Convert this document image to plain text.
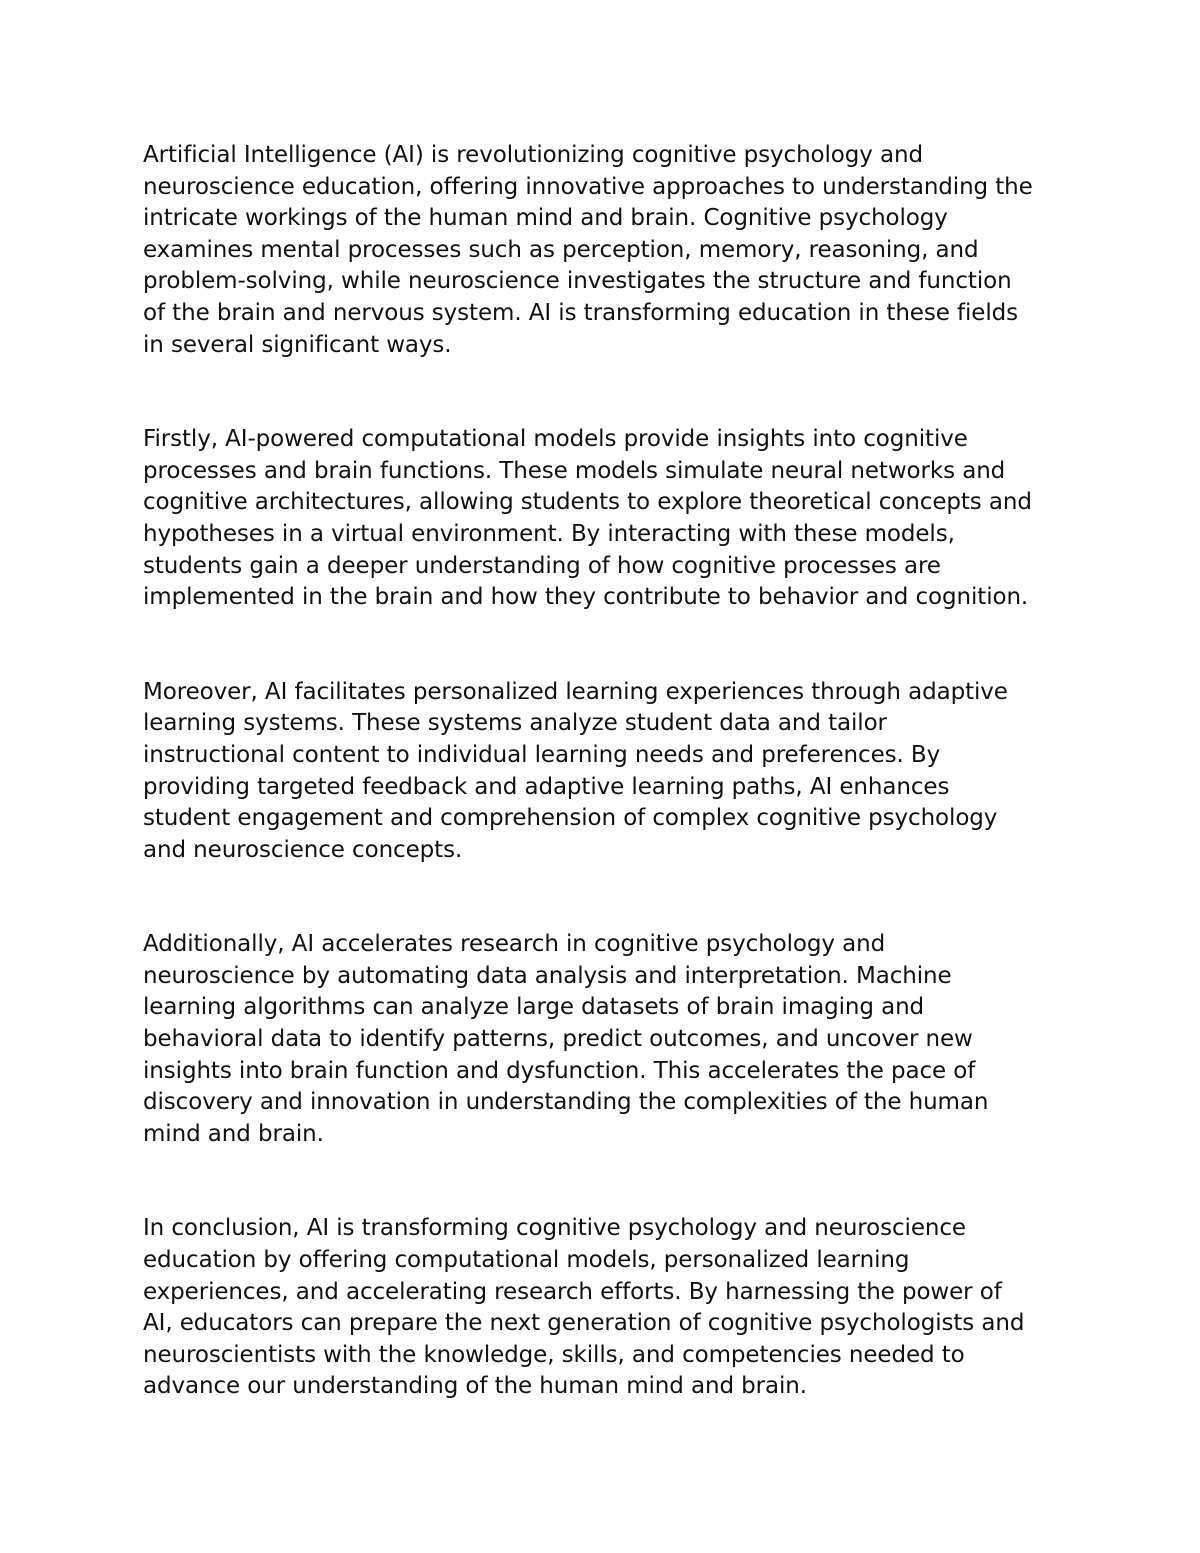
Artificial Intelligence (AI) is revolutionizing cognitive psychology and
neuroscience education, offering innovative approaches to understanding the
intricate workings of the human mind and brain. Cognitive psychology
examines mental processes such as perception, memory, reasoning, and
problem-solving, while neuroscience investigates the structure and function
of the brain and nervous system. AI is transforming education in these fields
in several significant ways.

Firstly, AI-powered computational models provide insights into cognitive
processes and brain functions. These models simulate neural networks and
cognitive architectures, allowing students to explore theoretical concepts and
hypotheses in a virtual environment. By interacting with these models,
students gain a deeper understanding of how cognitive processes are
implemented in the brain and how they contribute to behavior and cognition.

Moreover, AI facilitates personalized learning experiences through adaptive
learning systems. These systems analyze student data and tailor
instructional content to individual learning needs and preferences. By
providing targeted feedback and adaptive learning paths, AI enhances
student engagement and comprehension of complex cognitive psychology
and neuroscience concepts.

Additionally, AI accelerates research in cognitive psychology and
neuroscience by automating data analysis and interpretation. Machine
learning algorithms can analyze large datasets of brain imaging and
behavioral data to identify patterns, predict outcomes, and uncover new
insights into brain function and dysfunction. This accelerates the pace of
discovery and innovation in understanding the complexities of the human
mind and brain.

In conclusion, AI is transforming cognitive psychology and neuroscience
education by offering computational models, personalized learning
experiences, and accelerating research efforts. By harnessing the power of
AI, educators can prepare the next generation of cognitive psychologists and
neuroscientists with the knowledge, skills, and competencies needed to
advance our understanding of the human mind and brain.
